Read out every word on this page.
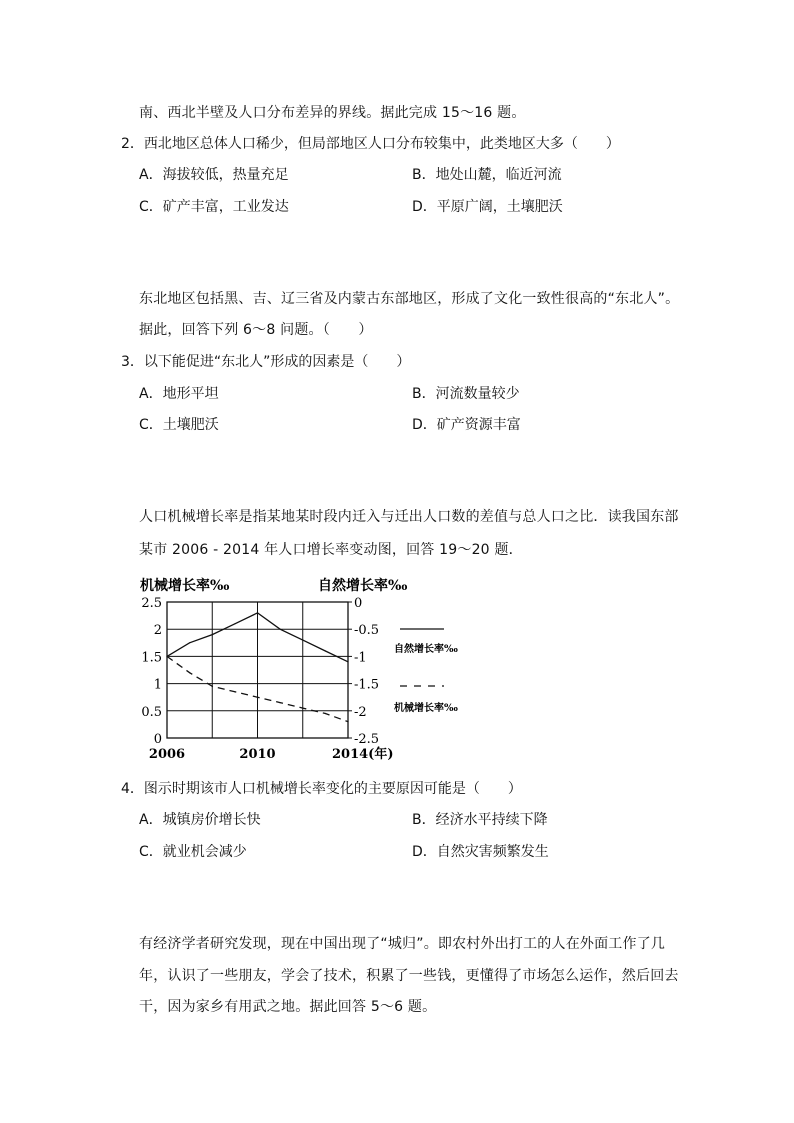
南、西北半壁及人口分布差异的界线。据此完成 15～16 题。
2．西北地区总体人口稀少，但局部地区人口分布较集中，此类地区大多（　　）
A．海拔较低，热量充足	B．地处山麓，临近河流
C．矿产丰富，工业发达	D．平原广阔，土壤肥沃
东北地区包括黑、吉、辽三省及内蒙古东部地区，形成了文化一致性很高的“东北人”。
据此，回答下列 6～8 问题。（　　）
3．以下能促进“东北人”形成的因素是（　　）
A．地形平坦	B．河流数量较少
C．土壤肥沃	D．矿产资源丰富
人口机械增长率是指某地某时段内迁入与迁出人口数的差值与总人口之比．读我国东部
某市 2006 - 2014 年人口增长率变动图，回答 19～20 题．
2.5
2
1.5
1
0.5
0
0
-0.5
-1
-1.5
-2
-2.5
2006	2010	2014(年)
机械增长率‰	自然增长率‰
自然增长率‰
机械增长率‰
4．图示时期该市人口机械增长率变化的主要原因可能是（　　）
A．城镇房价增长快	B．经济水平持续下降
C．就业机会减少	D．自然灾害频繁发生
有经济学者研究发现，现在中国出现了“城归”。即农村外出打工的人在外面工作了几
年，认识了一些朋友，学会了技术，积累了一些钱，更懂得了市场怎么运作，然后回去
干，因为家乡有用武之地。据此回答 5～6 题。
